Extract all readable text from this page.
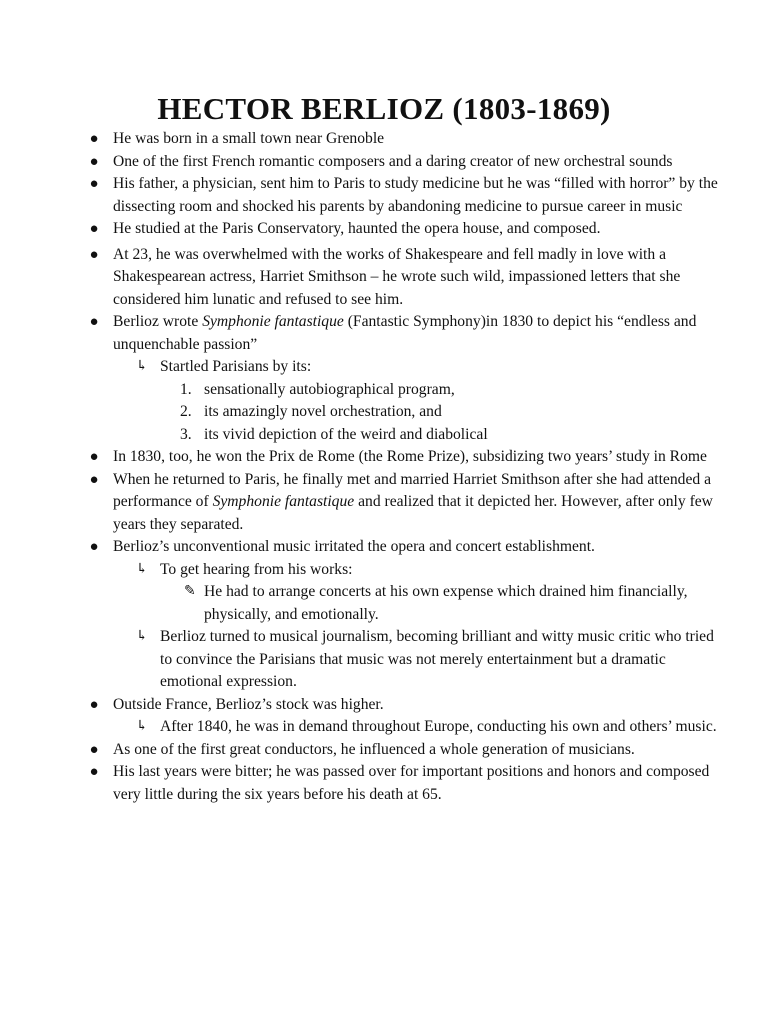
HECTOR BERLIOZ (1803-1869)

● He was born in a small town near Grenoble

● One of the first French romantic composers and a daring creator of new orchestral sounds

● His father, a physician, sent him to Paris to study medicine but he was “filled with horror” by the dissecting room and shocked his parents by abandoning medicine to pursue career in music

● He studied at the Paris Conservatory, haunted the opera house, and composed.

● At 23, he was overwhelmed with the works of Shakespeare and fell madly in love with a Shakespearean actress, Harriet Smithson – he wrote such wild, impassioned letters that she considered him lunatic and refused to see him.

● Berlioz wrote Symphonie fantastique (Fantastic Symphony)in 1830 to depict his “endless and unquenchable passion”

↳ Startled Parisians by its:

1. sensationally autobiographical program,

2. its amazingly novel orchestration, and

3. its vivid depiction of the weird and diabolical

● In 1830, too, he won the Prix de Rome (the Rome Prize), subsidizing two years’ study in Rome

● When he returned to Paris, he finally met and married Harriet Smithson after she had attended a performance of Symphonie fantastique and realized that it depicted her. However, after only few years they separated.

● Berlioz’s unconventional music irritated the opera and concert establishment.

↳ To get hearing from his works:

✎ He had to arrange concerts at his own expense which drained him financially, physically, and emotionally.

↳ Berlioz turned to musical journalism, becoming brilliant and witty music critic who tried to convince the Parisians that music was not merely entertainment but a dramatic emotional expression.

● Outside France, Berlioz’s stock was higher.

↳ After 1840, he was in demand throughout Europe, conducting his own and others’ music.

● As one of the first great conductors, he influenced a whole generation of musicians.

● His last years were bitter; he was passed over for important positions and honors and composed very little during the six years before his death at 65.
